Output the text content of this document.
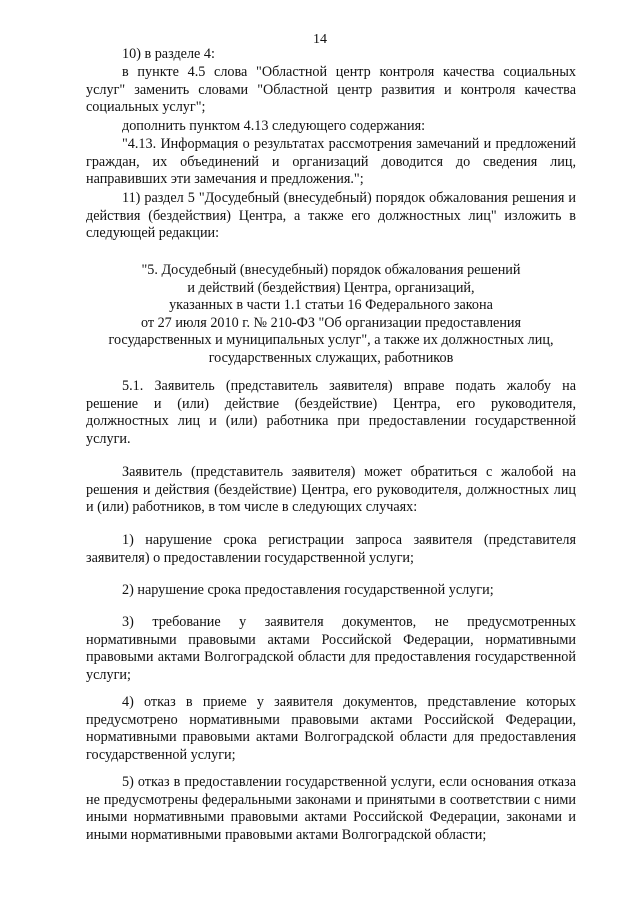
14

10) в разделе 4:

в пункте 4.5 слова "Областной центр контроля качества социальных услуг" заменить словами "Областной центр развития и контроля качества социальных услуг";

дополнить пунктом 4.13 следующего содержания:

"4.13. Информация о результатах рассмотрения замечаний и предложений граждан, их объединений и организаций доводится до сведения лиц, направивших эти замечания и предложения.";

11) раздел 5 "Досудебный (внесудебный) порядок обжалования решения и действия (бездействия) Центра, а также его должностных лиц" изложить в следующей редакции:

"5. Досудебный (внесудебный) порядок обжалования решений
и действий (бездействия) Центра, организаций,
указанных в части 1.1 статьи 16 Федерального закона
от 27 июля 2010 г. № 210-ФЗ "Об организации предоставления
государственных и муниципальных услуг", а также их должностных лиц,
государственных служащих, работников

5.1. Заявитель (представитель заявителя) вправе подать жалобу на решение и (или) действие (бездействие) Центра, его руководителя, должностных лиц и (или) работника при предоставлении государственной услуги.

Заявитель (представитель заявителя) может обратиться с жалобой на решения и действия (бездействие) Центра, его руководителя, должностных лиц и (или) работников, в том числе в следующих случаях:

1) нарушение срока регистрации запроса заявителя (представителя заявителя) о предоставлении государственной услуги;

2) нарушение срока предоставления государственной услуги;

3) требование у заявителя документов, не предусмотренных нормативными правовыми актами Российской Федерации, нормативными правовыми актами Волгоградской области для предоставления государственной услуги;

4) отказ в приеме у заявителя документов, представление которых предусмотрено нормативными правовыми актами Российской Федерации, нормативными правовыми актами Волгоградской области для предоставления государственной услуги;

5) отказ в предоставлении государственной услуги, если основания отказа не предусмотрены федеральными законами и принятыми в соответствии с ними иными нормативными правовыми актами Российской Федерации, законами и иными нормативными правовыми актами Волгоградской области;
